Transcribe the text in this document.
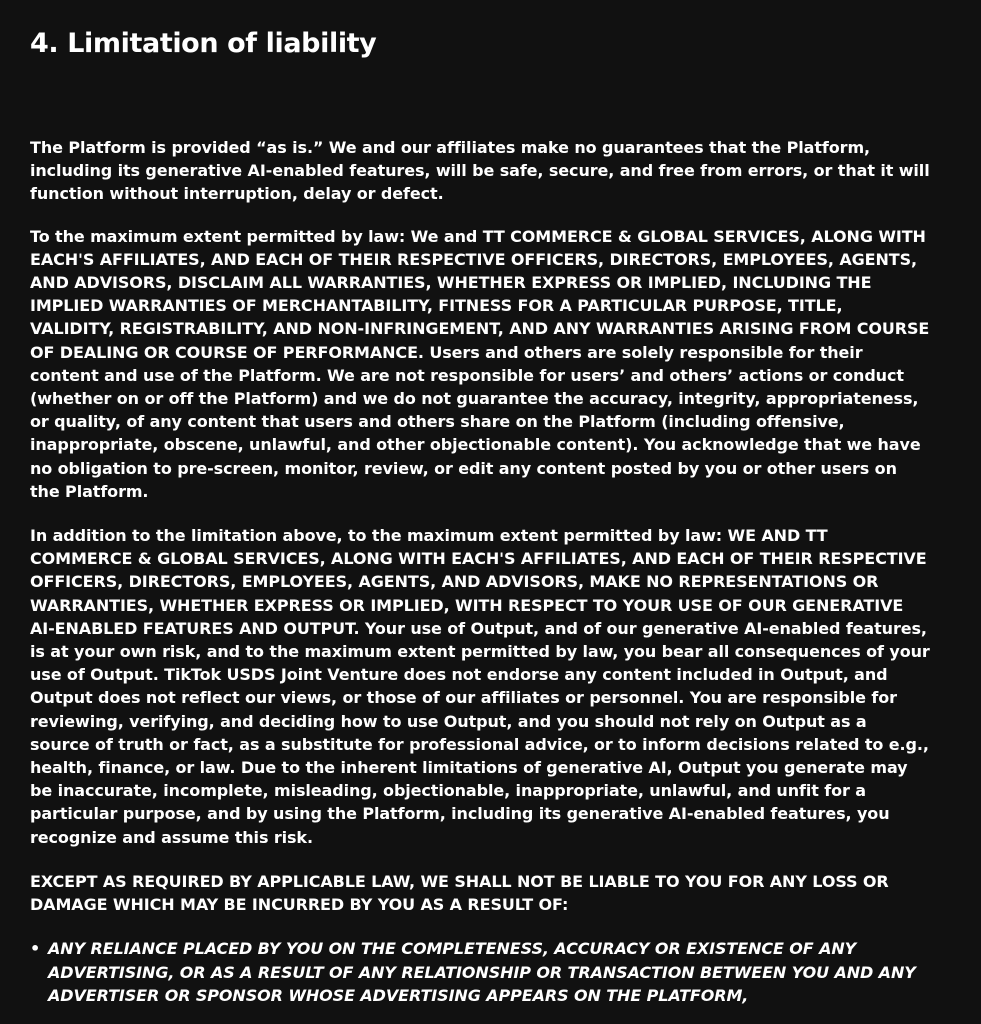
4. Limitation of liability

The Platform is provided “as is.” We and our affiliates make no guarantees that the Platform, including its generative AI-enabled features, will be safe, secure, and free from errors, or that it will function without interruption, delay or defect.

To the maximum extent permitted by law: We and TT COMMERCE & GLOBAL SERVICES, ALONG WITH EACH'S AFFILIATES, AND EACH OF THEIR RESPECTIVE OFFICERS, DIRECTORS, EMPLOYEES, AGENTS, AND ADVISORS, DISCLAIM ALL WARRANTIES, WHETHER EXPRESS OR IMPLIED, INCLUDING THE IMPLIED WARRANTIES OF MERCHANTABILITY, FITNESS FOR A PARTICULAR PURPOSE, TITLE, VALIDITY, REGISTRABILITY, AND NON-INFRINGEMENT, AND ANY WARRANTIES ARISING FROM COURSE OF DEALING OR COURSE OF PERFORMANCE. Users and others are solely responsible for their content and use of the Platform. We are not responsible for users’ and others’ actions or conduct (whether on or off the Platform) and we do not guarantee the accuracy, integrity, appropriateness, or quality, of any content that users and others share on the Platform (including offensive, inappropriate, obscene, unlawful, and other objectionable content). You acknowledge that we have no obligation to pre-screen, monitor, review, or edit any content posted by you or other users on the Platform.

In addition to the limitation above, to the maximum extent permitted by law: WE AND TT COMMERCE & GLOBAL SERVICES, ALONG WITH EACH'S AFFILIATES, AND EACH OF THEIR RESPECTIVE OFFICERS, DIRECTORS, EMPLOYEES, AGENTS, AND ADVISORS, MAKE NO REPRESENTATIONS OR WARRANTIES, WHETHER EXPRESS OR IMPLIED, WITH RESPECT TO YOUR USE OF OUR GENERATIVE AI-ENABLED FEATURES AND OUTPUT. Your use of Output, and of our generative AI-enabled features, is at your own risk, and to the maximum extent permitted by law, you bear all consequences of your use of Output. TikTok USDS Joint Venture does not endorse any content included in Output, and Output does not reflect our views, or those of our affiliates or personnel. You are responsible for reviewing, verifying, and deciding how to use Output, and you should not rely on Output as a source of truth or fact, as a substitute for professional advice, or to inform decisions related to e.g., health, finance, or law. Due to the inherent limitations of generative AI, Output you generate may be inaccurate, incomplete, misleading, objectionable, inappropriate, unlawful, and unfit for a particular purpose, and by using the Platform, including its generative AI-enabled features, you recognize and assume this risk.

EXCEPT AS REQUIRED BY APPLICABLE LAW, WE SHALL NOT BE LIABLE TO YOU FOR ANY LOSS OR DAMAGE WHICH MAY BE INCURRED BY YOU AS A RESULT OF:

• ANY RELIANCE PLACED BY YOU ON THE COMPLETENESS, ACCURACY OR EXISTENCE OF ANY ADVERTISING, OR AS A RESULT OF ANY RELATIONSHIP OR TRANSACTION BETWEEN YOU AND ANY ADVERTISER OR SPONSOR WHOSE ADVERTISING APPEARS ON THE PLATFORM,
